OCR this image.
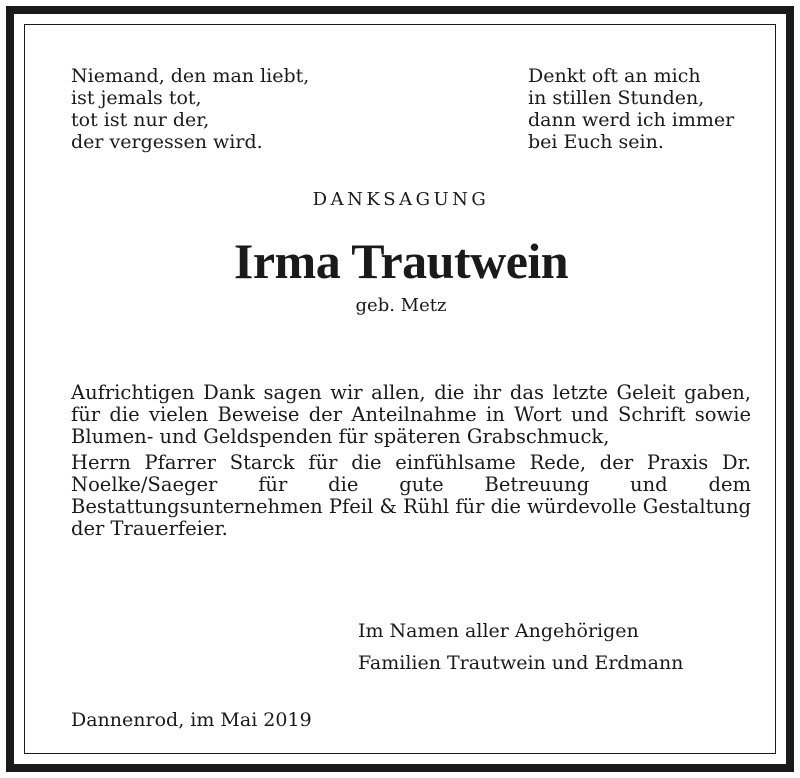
Niemand, den man liebt,
ist jemals tot,
tot ist nur der,
der vergessen wird.
Denkt oft an mich
in stillen Stunden,
dann werd ich immer
bei Euch sein.
DANKSAGUNG
Irma Trautwein
geb. Metz

Aufrichtigen Dank sagen wir allen, die ihr das letzte Geleit gaben, für die vielen Beweise der Anteilnahme in Wort und Schrift sowie Blumen- und Geldspenden für späteren Grabschmuck,

Herrn Pfarrer Starck für die einfühlsame Rede, der Praxis Dr. Noelke/Saeger für die gute Betreuung und dem Bestattungsunternehmen Pfeil & Rühl für die würdevolle Gestaltung der Trauerfeier.

Im Namen aller Angehörigen
Familien Trautwein und Erdmann
Dannenrod, im Mai 2019
